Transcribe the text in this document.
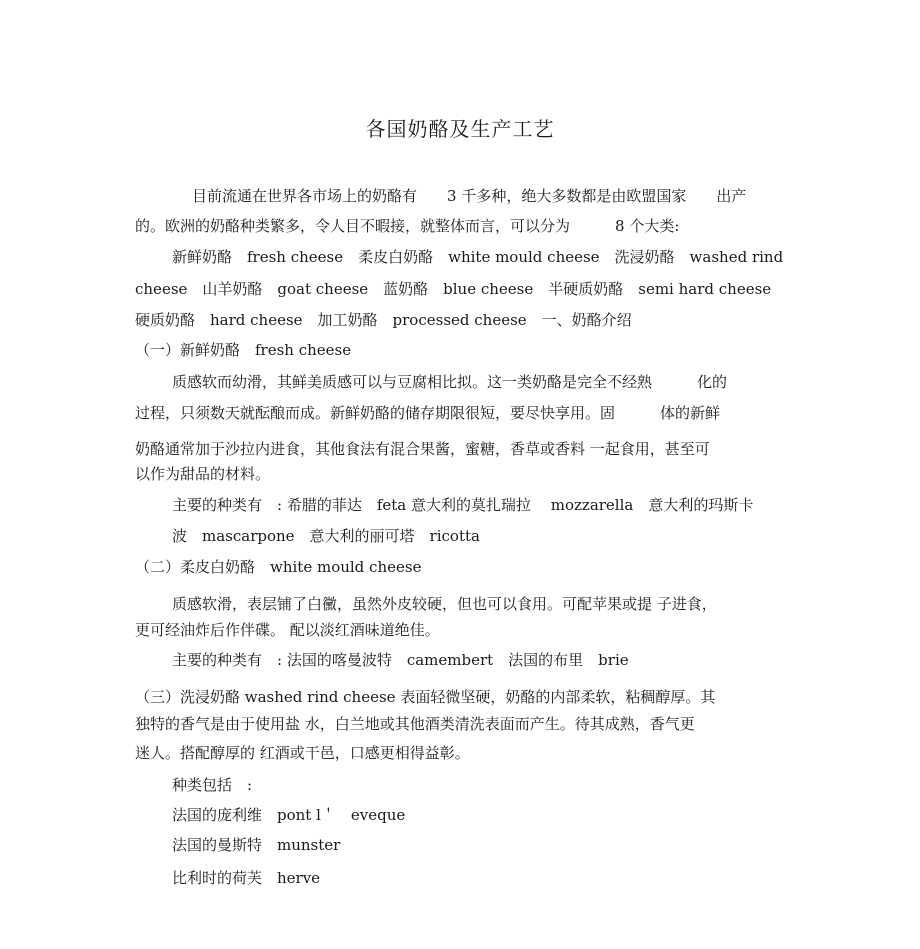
各国奶酪及生产工艺
目前流通在世界各市场上的奶酪有　　3 千多种，绝大多数都是由欧盟国家　　出产
的。欧洲的奶酪种类繁多，令人目不暇接，就整体而言，可以分为　　　8 个大类:
新鲜奶酪　fresh cheese　柔皮白奶酪　white mould cheese　洗浸奶酪　washed rind
cheese　山羊奶酪　goat cheese　蓝奶酪　blue cheese　半硬质奶酪　semi hard cheese
硬质奶酪　hard cheese　加工奶酪　processed cheese　一、奶酪介绍
（一）新鲜奶酪　fresh cheese
质感软而幼滑，其鲜美质感可以与豆腐相比拟。这一类奶酪是完全不经熟　　　化的
过程，只须数天就酝酿而成。新鲜奶酪的储存期限很短，要尽快享用。固　　　体的新鲜
奶酪通常加于沙拉内进食，其他食法有混合果酱，蜜糖，香草或香料 一起食用，甚至可
以作为甜品的材料。
主要的种类有　: 希腊的菲达　feta 意大利的莫扎瑞拉　 mozzarella　意大利的玛斯卡
波　mascarpone　意大利的丽可塔　ricotta
（二）柔皮白奶酪　white mould cheese
质感软滑，表层铺了白黴，虽然外皮较硬，但也可以食用。可配苹果或提 子进食，
更可经油炸后作伴碟。 配以淡红酒味道绝佳。
主要的种类有　: 法国的喀曼波特　camembert　法国的布里　brie
（三）洗浸奶酪 washed rind cheese 表面轻微坚硬，奶酪的内部柔软，粘稠醇厚。其
独特的香气是由于使用盐 水，白兰地或其他酒类清洗表面而产生。待其成熟，香气更
迷人。搭配醇厚的 红酒或干邑，口感更相得益彰。
种类包括　:
法国的庞利维　pont l＇　eveque
法国的曼斯特　munster
比利时的荷芙　herve
